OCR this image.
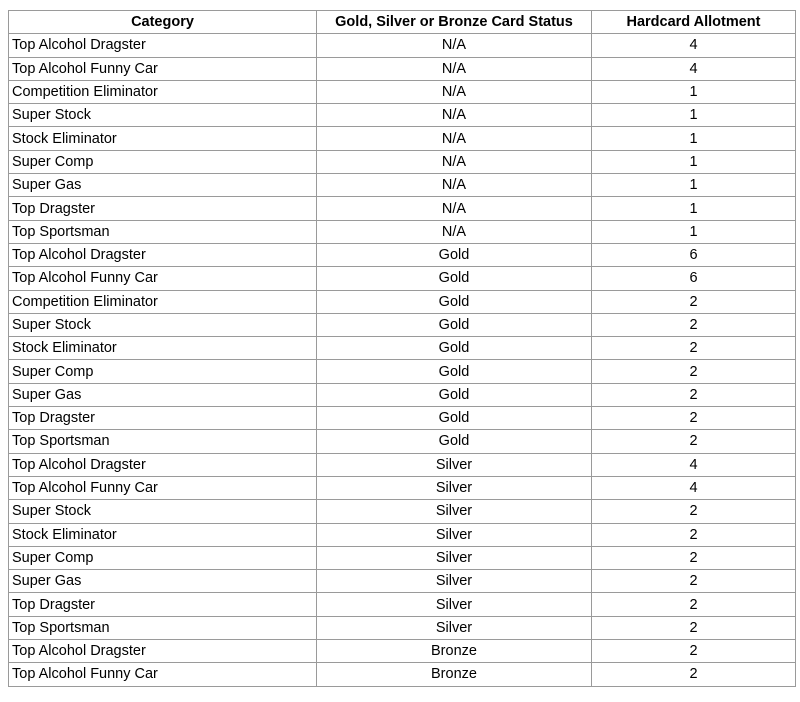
Category	Gold, Silver or Bronze Card Status	Hardcard Allotment
Top Alcohol Dragster	N/A	4
Top Alcohol Funny Car	N/A	4
Competition Eliminator	N/A	1
Super Stock	N/A	1
Stock Eliminator	N/A	1
Super Comp	N/A	1
Super Gas	N/A	1
Top Dragster	N/A	1
Top Sportsman	N/A	1
Top Alcohol Dragster	Gold	6
Top Alcohol Funny Car	Gold	6
Competition Eliminator	Gold	2
Super Stock	Gold	2
Stock Eliminator	Gold	2
Super Comp	Gold	2
Super Gas	Gold	2
Top Dragster	Gold	2
Top Sportsman	Gold	2
Top Alcohol Dragster	Silver	4
Top Alcohol Funny Car	Silver	4
Super Stock	Silver	2
Stock Eliminator	Silver	2
Super Comp	Silver	2
Super Gas	Silver	2
Top Dragster	Silver	2
Top Sportsman	Silver	2
Top Alcohol Dragster	Bronze	2
Top Alcohol Funny Car	Bronze	2
